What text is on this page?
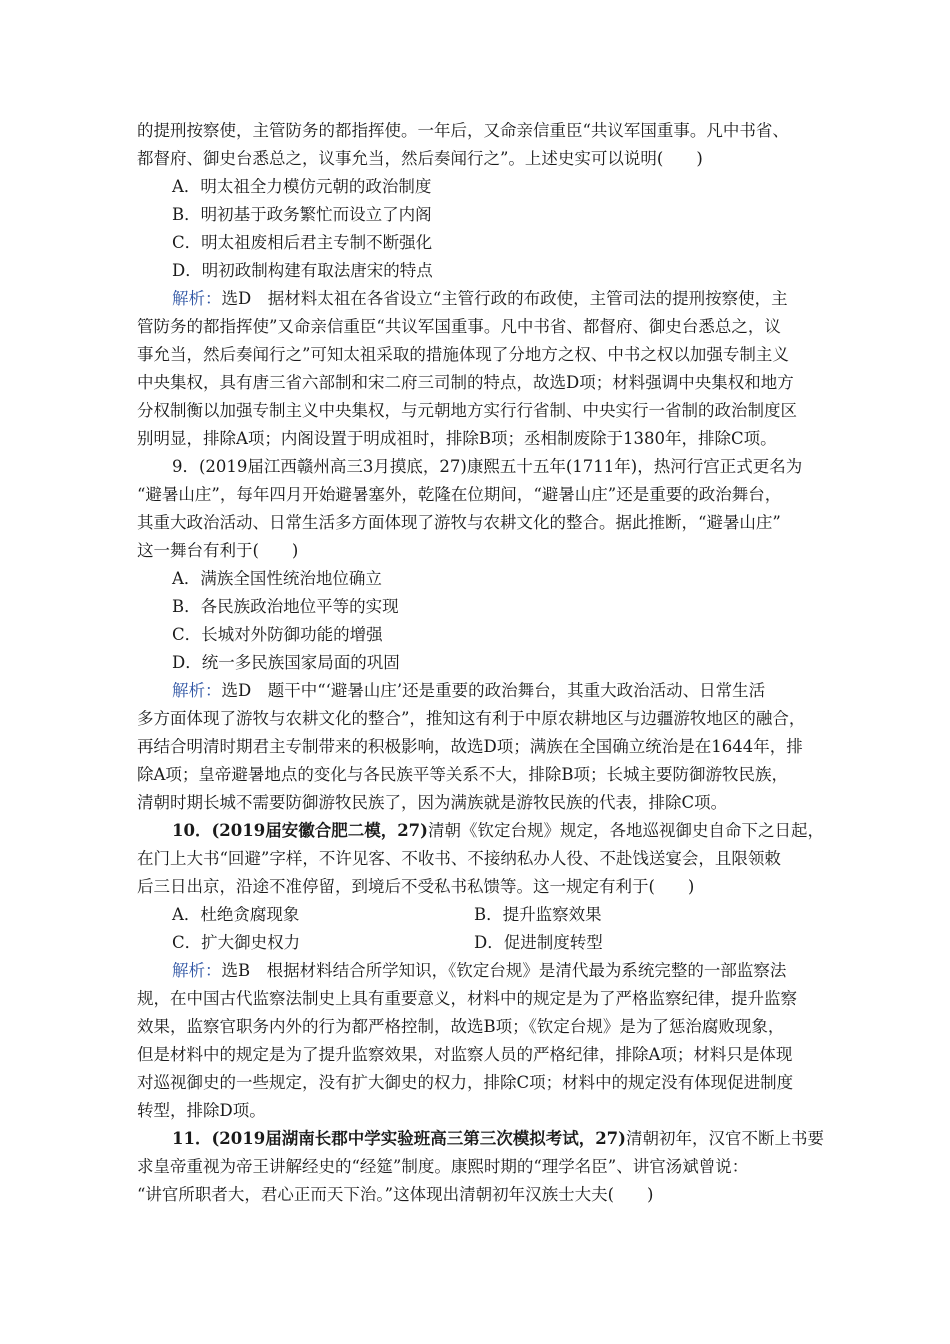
的提刑按察使，主管防务的都指挥使。一年后，又命亲信重臣“共议军国重事。凡中书省、
都督府、御史台悉总之，议事允当，然后奏闻行之”。上述史实可以说明(　　)
A．明太祖全力模仿元朝的政治制度
B．明初基于政务繁忙而设立了内阁
C．明太祖废相后君主专制不断强化
D．明初政制构建有取法唐宋的特点
解析：选D　据材料太祖在各省设立“主管行政的布政使，主管司法的提刑按察使，主
管防务的都指挥使”又命亲信重臣“共议军国重事。凡中书省、都督府、御史台悉总之，议
事允当，然后奏闻行之”可知太祖采取的措施体现了分地方之权、中书之权以加强专制主义
中央集权，具有唐三省六部制和宋二府三司制的特点，故选D项；材料强调中央集权和地方
分权制衡以加强专制主义中央集权，与元朝地方实行行省制、中央实行一省制的政治制度区
别明显，排除A项；内阁设置于明成祖时，排除B项；丞相制废除于1380年，排除C项。
9．(2019届江西赣州高三3月摸底，27)康熙五十五年(1711年)，热河行宫正式更名为
“避暑山庄”，每年四月开始避暑塞外，乾隆在位期间，“避暑山庄”还是重要的政治舞台，
其重大政治活动、日常生活多方面体现了游牧与农耕文化的整合。据此推断，“避暑山庄”
这一舞台有利于(　　)
A．满族全国性统治地位确立
B．各民族政治地位平等的实现
C．长城对外防御功能的增强
D．统一多民族国家局面的巩固
解析：选D　题干中“‘避暑山庄’还是重要的政治舞台，其重大政治活动、日常生活
多方面体现了游牧与农耕文化的整合”，推知这有利于中原农耕地区与边疆游牧地区的融合，
再结合明清时期君主专制带来的积极影响，故选D项；满族在全国确立统治是在1644年，排
除A项；皇帝避暑地点的变化与各民族平等关系不大，排除B项；长城主要防御游牧民族，
清朝时期长城不需要防御游牧民族了，因为满族就是游牧民族的代表，排除C项。
10．(2019届安徽合肥二模，27)清朝《钦定台规》规定，各地巡视御史自命下之日起，
在门上大书“回避”字样，不许见客、不收书、不接纳私办人役、不赴饯送宴会，且限领敕
后三日出京，沿途不准停留，到境后不受私书私馈等。这一规定有利于(　　)
A．杜绝贪腐现象	B．提升监察效果
C．扩大御史权力	D．促进制度转型
解析：选B　根据材料结合所学知识，《钦定台规》是清代最为系统完整的一部监察法
规，在中国古代监察法制史上具有重要意义，材料中的规定是为了严格监察纪律，提升监察
效果，监察官职务内外的行为都严格控制，故选B项；《钦定台规》是为了惩治腐败现象，
但是材料中的规定是为了提升监察效果，对监察人员的严格纪律，排除A项；材料只是体现
对巡视御史的一些规定，没有扩大御史的权力，排除C项；材料中的规定没有体现促进制度
转型，排除D项。
11．(2019届湖南长郡中学实验班高三第三次模拟考试，27)清朝初年，汉官不断上书要
求皇帝重视为帝王讲解经史的“经筵”制度。康熙时期的“理学名臣”、讲官汤斌曾说：
“讲官所职者大，君心正而天下治。”这体现出清朝初年汉族士大夫(　　)
